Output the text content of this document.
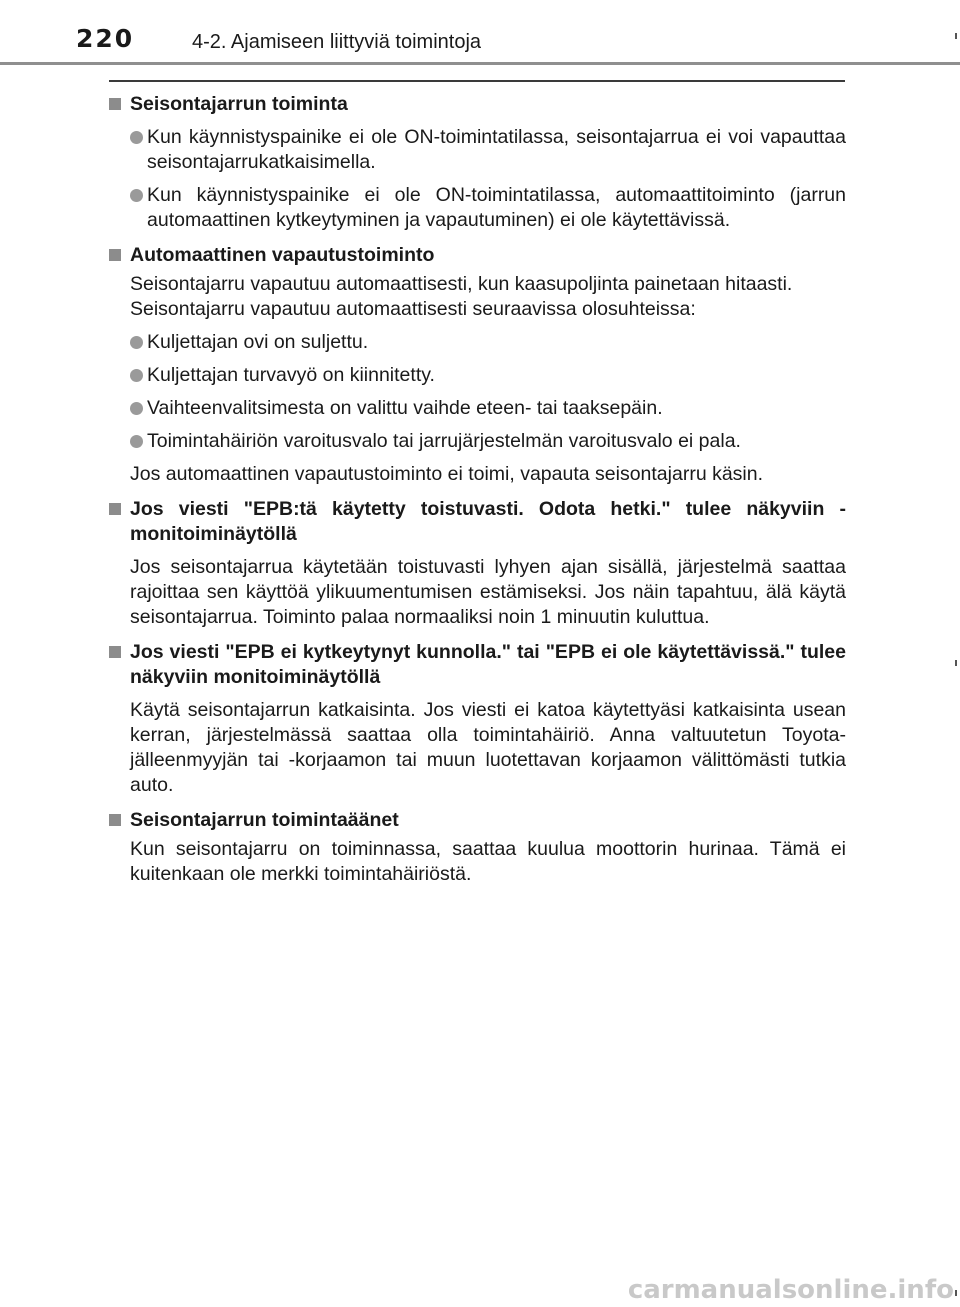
220	4-2. Ajamiseen liittyviä toimintoja
Seisontajarrun toiminta
Kun käynnistyspainike ei ole ON-toimintatilassa, seisontajarrua ei voi vapauttaa seisontajarrukatkaisimella.
Kun käynnistyspainike ei ole ON-toimintatilassa, automaattitoiminto (jarrun automaattinen kytkeytyminen ja vapautuminen) ei ole käytettävissä.
Automaattinen vapautustoiminto
Seisontajarru vapautuu automaattisesti, kun kaasupoljinta painetaan hitaasti.
Seisontajarru vapautuu automaattisesti seuraavissa olosuhteissa:
Kuljettajan ovi on suljettu.
Kuljettajan turvavyö on kiinnitetty.
Vaihteenvalitsimesta on valittu vaihde eteen- tai taaksepäin.
Toimintahäiriön varoitusvalo tai jarrujärjestelmän varoitusvalo ei pala.
Jos automaattinen vapautustoiminto ei toimi, vapauta seisontajarru käsin.
Jos viesti "EPB:tä käytetty toistuvasti. Odota hetki." tulee näkyviin -monitoiminäytöllä
Jos seisontajarrua käytetään toistuvasti lyhyen ajan sisällä, järjestelmä saattaa rajoittaa sen käyttöä ylikuumentumisen estämiseksi. Jos näin tapahtuu, älä käytä seisontajarrua. Toiminto palaa normaaliksi noin 1 minuutin kuluttua.
Jos viesti "EPB ei kytkeytynyt kunnolla." tai "EPB ei ole käytettävissä." tulee näkyviin monitoiminäytöllä
Käytä seisontajarrun katkaisinta. Jos viesti ei katoa käytettyäsi katkaisinta usean kerran, järjestelmässä saattaa olla toimintahäiriö. Anna valtuutetun Toyota-jälleenmyyjän tai -korjaamon tai muun luotettavan korjaamon välittömästi tutkia auto.
Seisontajarrun toimintaäänet
Kun seisontajarru on toiminnassa, saattaa kuulua moottorin hurinaa. Tämä ei kuitenkaan ole merkki toimintahäiriöstä.
carmanualsonline.info
